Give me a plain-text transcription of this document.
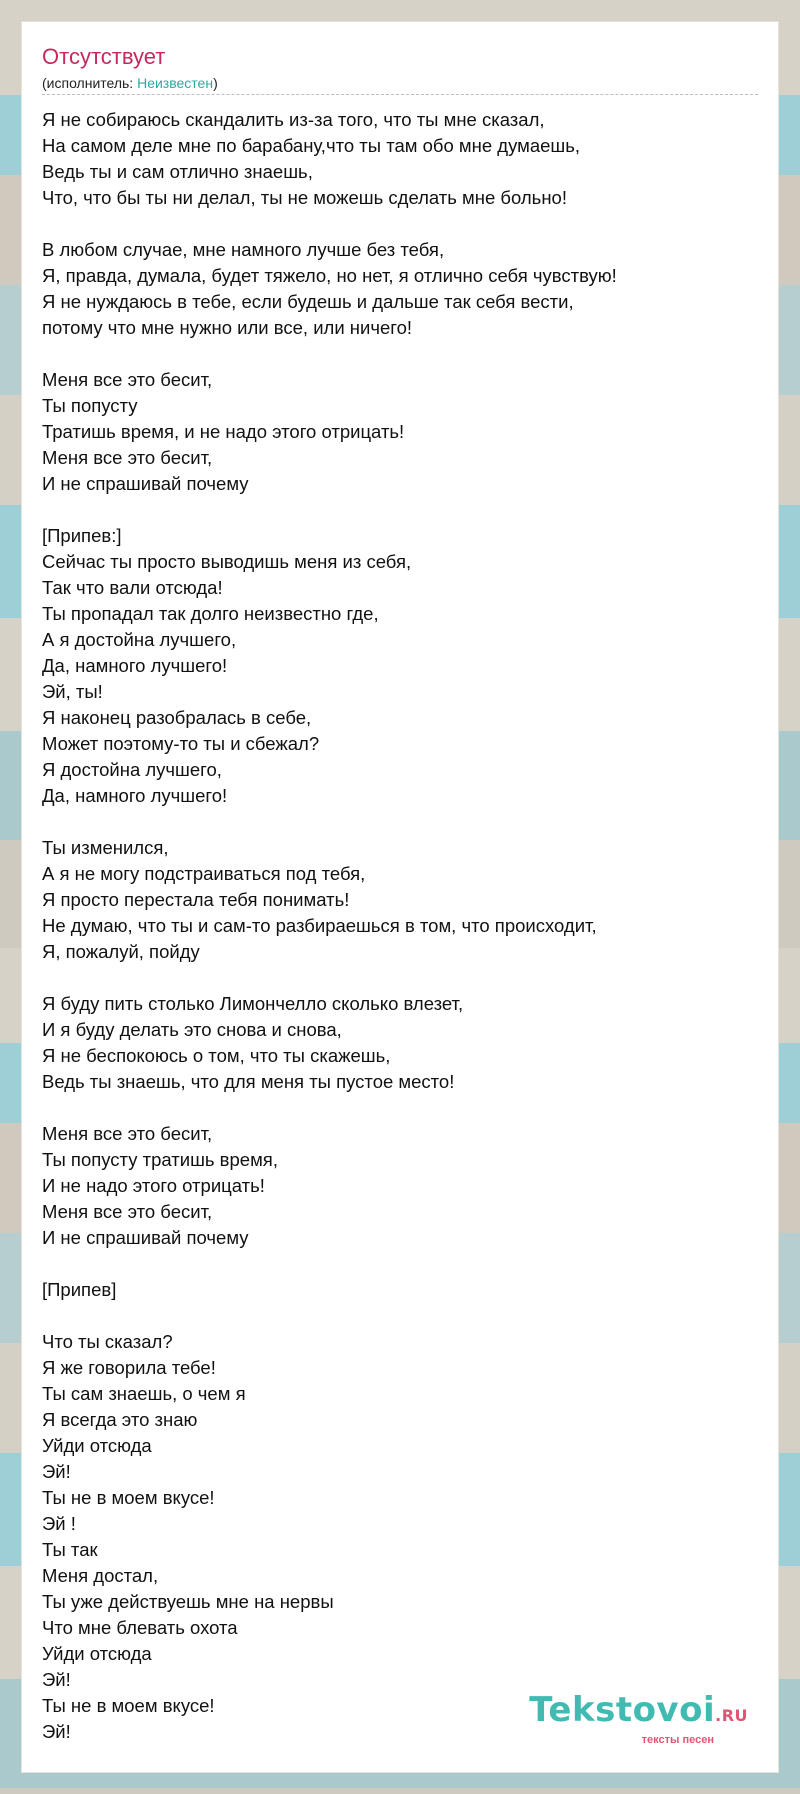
Отсутствует
(исполнитель: Неизвестен)
Я не собираюсь скандалить из-за того, что ты мне сказал,
На самом деле мне по барабану,что ты там обо мне думаешь,
Ведь ты и сам отлично знаешь,
Что, что бы ты ни делал, ты не можешь сделать мне больно!
В любом случае, мне намного лучше без тебя,
Я, правда, думала, будет тяжело, но нет, я отлично себя чувствую!
Я не нуждаюсь в тебе, если будешь и дальше так себя вести,
потому что мне нужно или все, или ничего!
Меня все это бесит,
Ты попусту
Тратишь время, и не надо этого отрицать!
Меня все это бесит,
И не спрашивай почему
[Припев:]
Сейчас ты просто выводишь меня из себя,
Так что вали отсюда!
Ты пропадал так долго неизвестно где,
А я достойна лучшего,
Да, намного лучшего!
Эй, ты!
Я наконец разобралась в себе,
Может поэтому-то ты и сбежал?
Я достойна лучшего,
Да, намного лучшего!
Ты изменился,
А я не могу подстраиваться под тебя,
Я просто перестала тебя понимать!
Не думаю, что ты и сам-то разбираешься в том, что происходит,
Я, пожалуй, пойду
Я буду пить столько Лимончелло сколько влезет,
И я буду делать это снова и снова,
Я не беспокоюсь о том, что ты скажешь,
Ведь ты знаешь, что для меня ты пустое место!
Меня все это бесит,
Ты попусту тратишь время,
И не надо этого отрицать!
Меня все это бесит,
И не спрашивай почему
[Припев]
Что ты сказал?
Я же говорила тебе!
Ты сам знаешь, о чем я
Я всегда это знаю
Уйди отсюда
Эй!
Ты не в моем вкусе!
Эй !
Ты так
Меня достал,
Ты уже действуешь мне на нервы
Что мне блевать охота
Уйди отсюда
Эй!
Ты не в моем вкусе!
Эй!
Tekstovoi.RU
тексты песен
